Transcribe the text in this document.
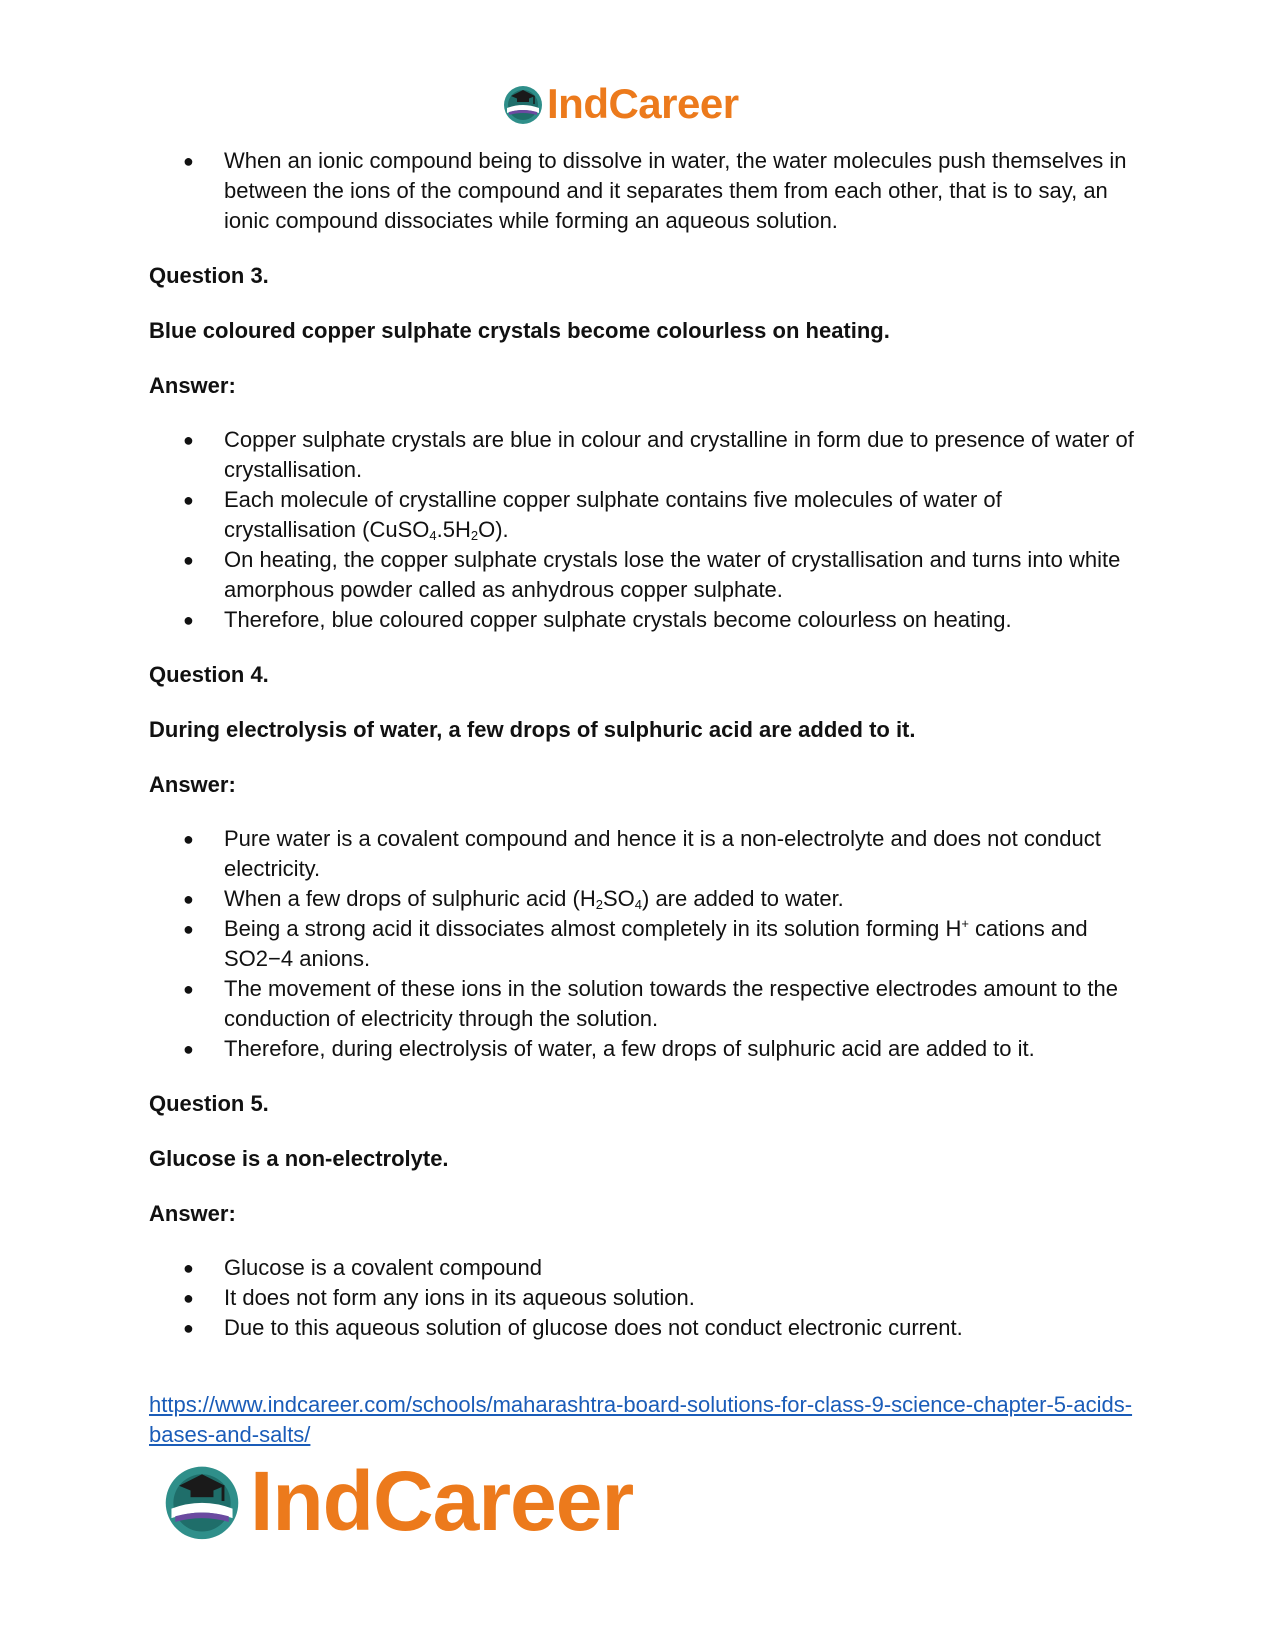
IndCareer
● When an ionic compound being to dissolve in water, the water molecules push themselves in between the ions of the compound and it separates them from each other, that is to say, an ionic compound dissociates while forming an aqueous solution.

Question 3.

Blue coloured copper sulphate crystals become colourless on heating.

Answer:

● Copper sulphate crystals are blue in colour and crystalline in form due to presence of water of crystallisation.
● Each molecule of crystalline copper sulphate contains five molecules of water of crystallisation $(CuSO_4.5H_2O)$.
● On heating, the copper sulphate crystals lose the water of crystallisation and turns into white amorphous powder called as anhydrous copper sulphate.
● Therefore, blue coloured copper sulphate crystals become colourless on heating.

Question 4.

During electrolysis of water, a few drops of sulphuric acid are added to it.

Answer:

● Pure water is a covalent compound and hence it is a non-electrolyte and does not conduct electricity.
● When a few drops of sulphuric acid $(H_2SO_4)$ are added to water.
● Being a strong acid it dissociates almost completely in its solution forming H+ cations and SO2−4 anions.
● The movement of these ions in the solution towards the respective electrodes amount to the conduction of electricity through the solution.
● Therefore, during electrolysis of water, a few drops of sulphuric acid are added to it.

Question 5.

Glucose is a non-electrolyte.

Answer:

● Glucose is a covalent compound
● It does not form any ions in its aqueous solution.
● Due to this aqueous solution of glucose does not conduct electronic current.
https://www.indcareer.com/schools/maharashtra-board-solutions-for-class-9-science-chapter-5-acids-bases-and-salts/
IndCareer
